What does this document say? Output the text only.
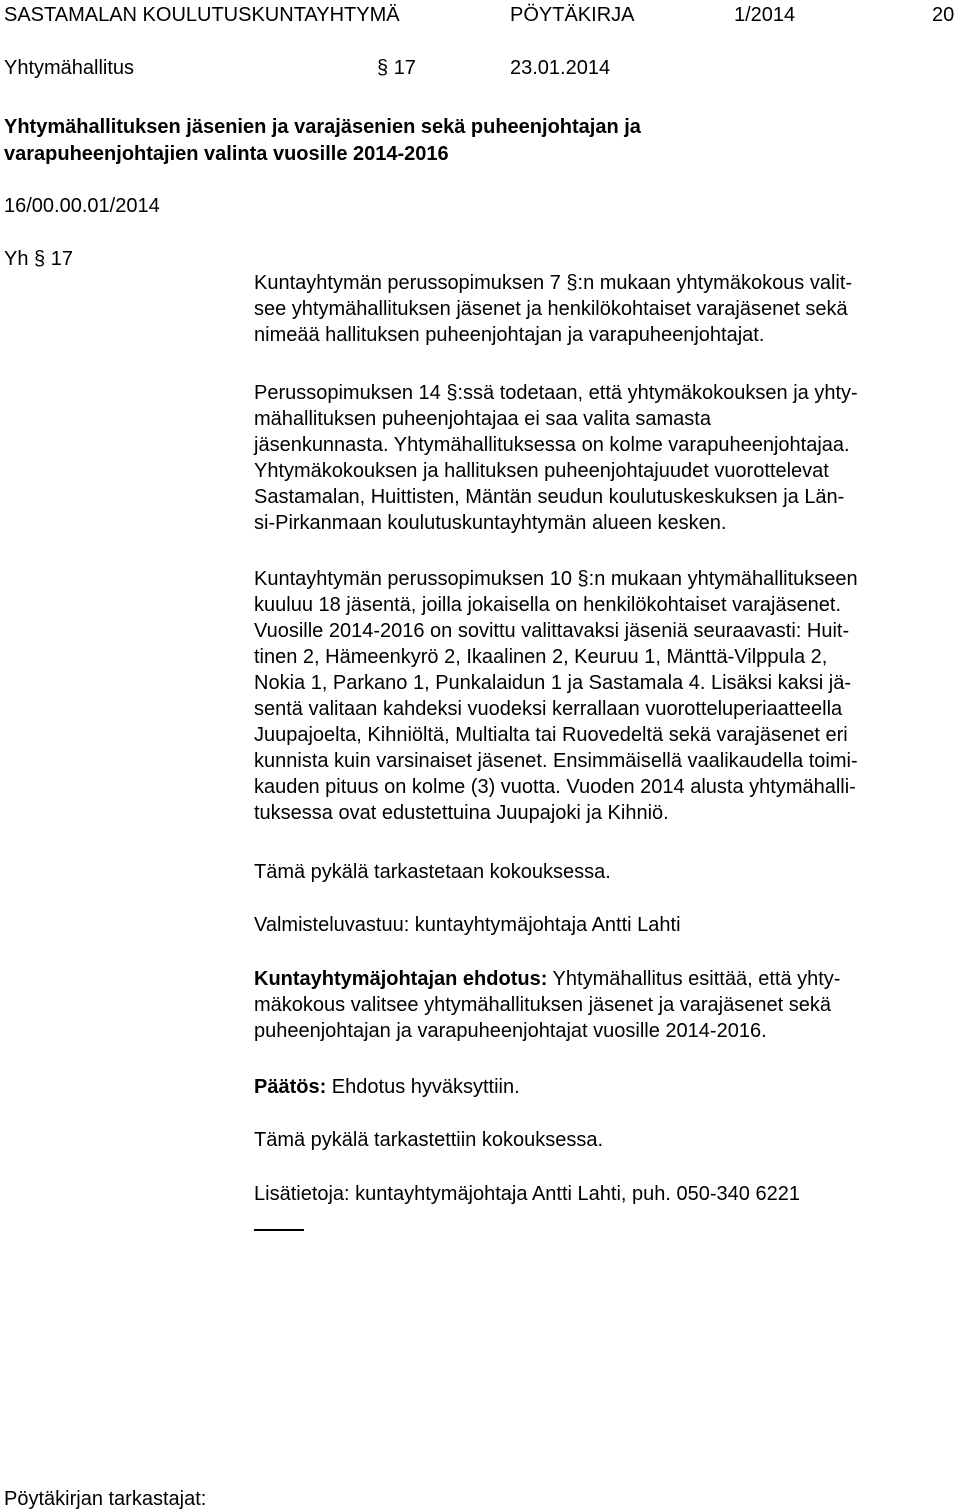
SASTAMALAN KOULUTUSKUNTAYHTYMÄ	PÖYTÄKIRJA	1/2014	20
Yhtymähallitus	§ 17	23.01.2014
Yhtymähallituksen jäsenien ja varajäsenien sekä puheenjohtajan ja
varapuheenjohtajien valinta vuosille 2014-2016
16/00.00.01/2014
Yh § 17

Kuntayhtymän perussopimuksen 7 §:n mukaan yhtymäkokous valit-

see yhtymähallituksen jäsenet ja henkilökohtaiset varajäsenet sekä

nimeää hallituksen puheenjohtajan ja varapuheenjohtajat.

Perussopimuksen 14 §:ssä todetaan, että yhtymäkokouksen ja yhty-

mähallituksen puheenjohtajaa ei saa valita samasta

jäsenkunnasta. Yhtymähallituksessa on kolme varapuheenjohtajaa.

Yhtymäkokouksen ja hallituksen puheenjohtajuudet vuorottelevat

Sastamalan, Huittisten, Mäntän seudun koulutuskeskuksen ja Län-

si-Pirkanmaan koulutuskuntayhtymän alueen kesken.

Kuntayhtymän perussopimuksen 10 §:n mukaan yhtymähallitukseen

kuuluu 18 jäsentä, joilla jokaisella on henkilökohtaiset varajäsenet.

Vuosille 2014-2016 on sovittu valittavaksi jäseniä seuraavasti: Huit-

tinen 2, Hämeenkyrö 2, Ikaalinen 2, Keuruu 1, Mänttä-Vilppula 2,

Nokia 1, Parkano 1, Punkalaidun 1 ja Sastamala 4. Lisäksi kaksi jä-

sentä valitaan kahdeksi vuodeksi kerrallaan vuorotteluperiaatteella

Juupajoelta, Kihniöltä, Multialta tai Ruovedeltä sekä varajäsenet eri

kunnista kuin varsinaiset jäsenet. Ensimmäisellä vaalikaudella toimi-

kauden pituus on kolme (3) vuotta. Vuoden 2014 alusta yhtymähalli-

tuksessa ovat edustettuina Juupajoki ja Kihniö.

Tämä pykälä tarkastetaan kokouksessa.
Valmisteluvastuu: kuntayhtymäjohtaja Antti Lahti

Kuntayhtymäjohtajan ehdotus: Yhtymähallitus esittää, että yhty-

mäkokous valitsee yhtymähallituksen jäsenet ja varajäsenet sekä

puheenjohtajan ja varapuheenjohtajat vuosille 2014-2016.

Päätös: Ehdotus hyväksyttiin.
Tämä pykälä tarkastettiin kokouksessa.
Lisätietoja: kuntayhtymäjohtaja Antti Lahti, puh. 050-340 6221
Pöytäkirjan tarkastajat:
